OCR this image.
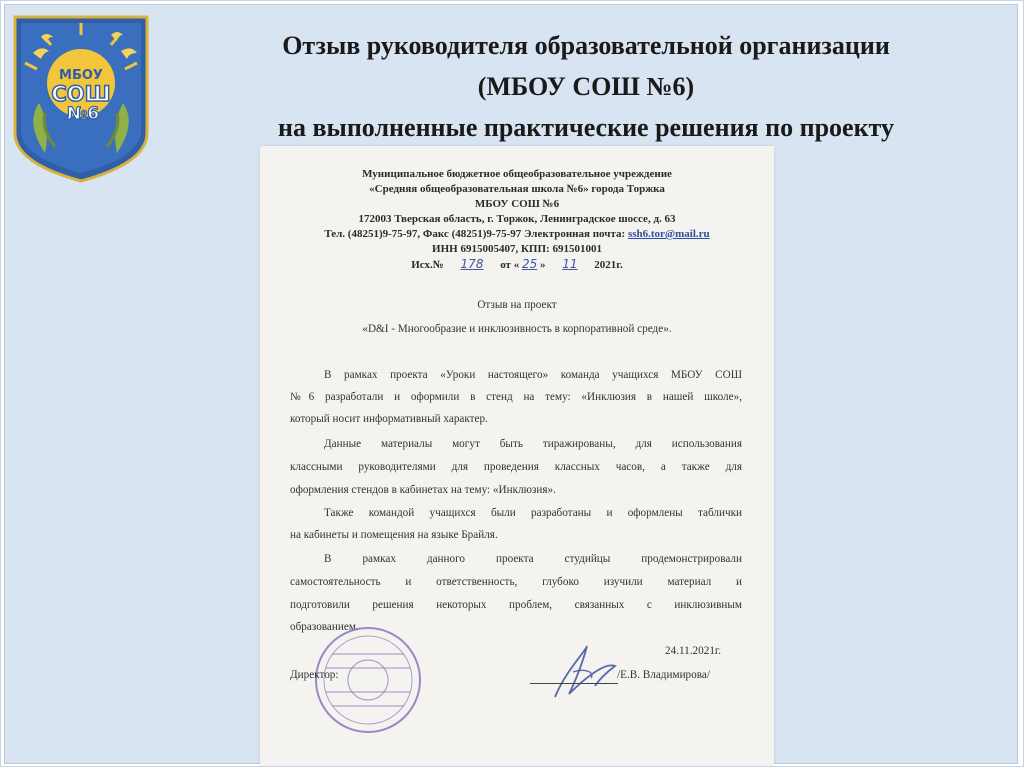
МБОУ
СОШ
№6
Отзыв руководителя образовательной организации
(МБОУ СОШ №6)
на выполненные практические решения по проекту
Муниципальное бюджетное общеобразовательное учреждение
«Средняя общеобразовательная школа №6» города Торжка
МБОУ СОШ №6
172003 Тверская область, г. Торжок, Ленинградское шоссе, д. 63
Тел. (48251)9-75-97, Факс (48251)9-75-97 Электронная почта: ssh6.tor@mail.ru
ИНН 6915005407, КПП: 691501001
Исх.№ 178 от « 25 » 11 2021г.
Отзыв на проект
«D&I - Многообразие и инклюзивность в корпоративной среде».
В рамках проекта «Уроки настоящего» команда учащихся МБОУ СОШ
№6 разработали и оформили в стенд на тему: «Инклюзия в нашей школе»,
который носит информативный характер.
Данные материалы могут быть тиражированы, для использования
классными руководителями для проведения классных часов, а также для
оформления стендов в кабинетах на тему: «Инклюзия».
Также командой учащихся были разработаны и оформлены таблички
на кабинеты и помещения на языке Брайля.
В рамках данного проекта студийцы продемонстрировали
самостоятельность и ответственность, глубоко изучили материал и
подготовили решения некоторых проблем, связанных с инклюзивным
образованием.
24.11.2021г.
Директор:	/Е.В. Владимирова/
